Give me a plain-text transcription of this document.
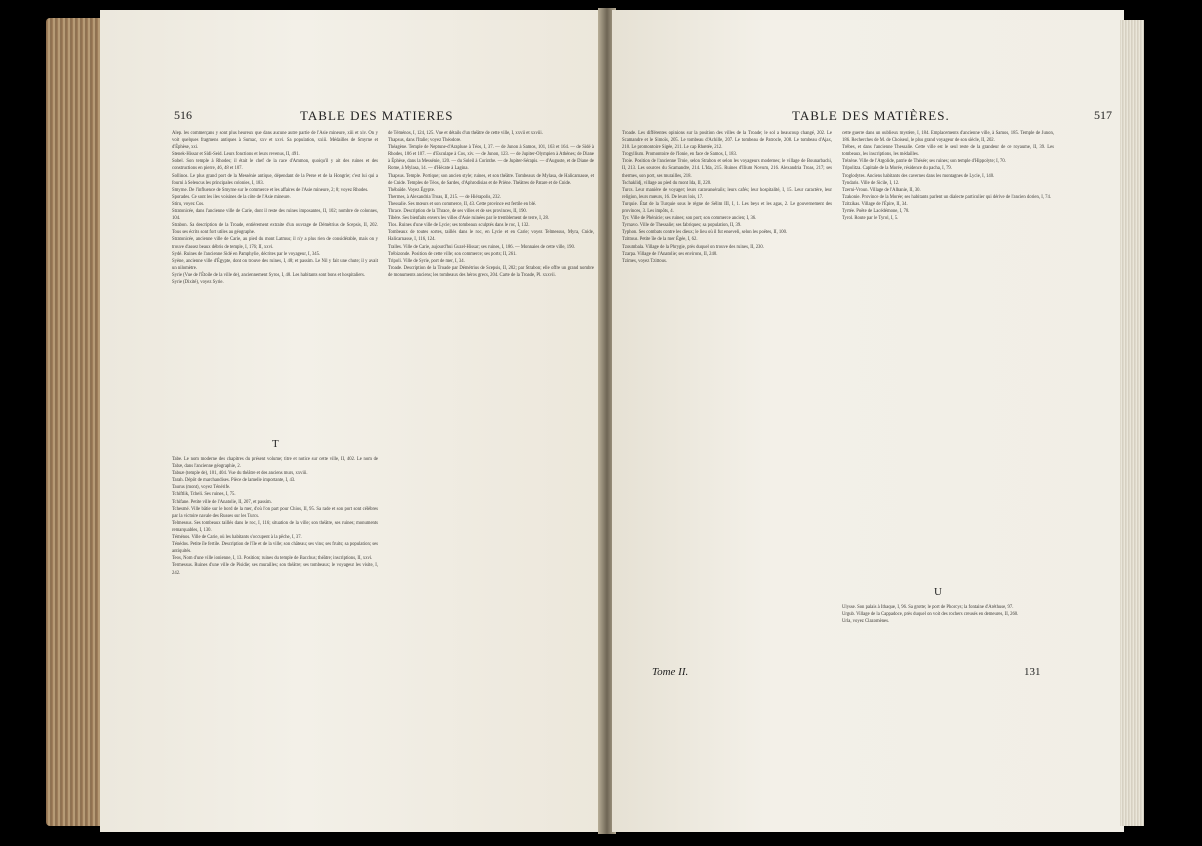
516	TABLE DES MATIERES

Alep. les commerçans y sont plus heureux que dans aucune autre partie de l'Asie mineure, xiii et xiv. On y voit quelques fragmens antiques à Sumac, xxv et xxvi. Sa population, xxiii. Médailles de Smyrne et d'Éphèse, xxi.

Stenek-Hissar et Sidi-Seid. Leurs fonctions et leurs revenus, II, 491.

Sobel. Son temple à Rhodes; il était le chef de la race d'Ammon, quoiqu'il y ait des ruines et des constructions en pierre, 46, 48 et 107.

Sollinos. Le plus grand port de la Messénie antique, dépendant de la Perse et de la Hongrie; c'est lui qui a fourni à Seleucus les principales colonies, I, 183.

Smyrne. De l'influence de Smyrne sur le commerce et les affaires de l'Asie mineure, 2; 8; voyez Rhodes.

Sporades. Ce sont les iles voisines de la côte de l'Asie mineure.

Stiru, voyez Cos.

Stratonicée, dans l'ancienne ville de Carie, dont il reste des ruines imposantes, II, 102; nombre de colonnes, 104.

Strabon. Sa description de la Troade, entièrement extraite d'un ouvrage de Démétrius de Scepsis, II, 202. Tous ses écrits sont fort utiles au géographe.

Stratonicée, ancienne ville de Carie, au pied du mont Latmus; il n'y a plus rien de considérable, mais on y trouve d'assez beaux débris de temple, I, 176; II, xxvi.

Sydé. Ruines de l'ancienne Sidé en Pamphylie, décrites par le voyageur, I, 345.

Syène, ancienne ville d'Égypte, dont on trouve des ruines, I, 48; et passim. Le Nil y fait une chute; il y avait un nilomètre.

Syrie (Vue de l'Étoile de la ville de), anciennement Syros, I, 48. Les habitants sont bons et hospitaliers.

Syrie (Dixité), voyez Syrie.

T

Tabe. Le nom moderne des chapitres du présent volume; titre et notice sur cette ville, II, 402. Le nom de Tabæ, dans l'ancienne géographie, 2.

Tabuæ (temple de), 101, 404. Vue du théâtre et des anciens murs, xxviii.

Tarah. Dépôt de marchandises. Pièce de lamelle importante, I, 43.

Taurus (mont), voyez Ténérife.

Tchiftlik, Tcheli. Ses ruines, I, 75.

Tchifane. Petite ville de l'Anatolie, II, 207, et passim.

Tchesmé. Ville bâtie sur le bord de la mer, d'où l'on part pour Chios, II, 95. Sa rade et son port sont célèbres par la victoire navale des Russes sur les Turcs.

Telmessus. Ses tombeaux taillés dans le roc, I, 116; situation de la ville; son théâtre, ses ruines; monuments remarquables, I, 130.

Téménos. Ville de Carie, où les habitants s'occupent à la pêche, I, 37.

Ténédos. Petite île fertile. Description de l'île et de la ville; son château; ses vins; ses fruits; sa population; ses antiquités.

Teos, Nom d'une ville ionienne, I, 13. Position; ruines du temple de Bacchus; théâtre; inscriptions, II, xxvi.

Termessus. Ruines d'une ville de Pisidie; ses murailles; son théâtre; ses tombeaux; le voyageur les visite, I, 242.

de Téménos, I, 124, 125. Vue et détails d'un théâtre de cette ville, I, xxvii et xxviii.

Thapsus, dans l'Italie; voyez Théodore.

Théagène. Temple de Neptune-d'Arapluse à Téos, I, 37. — de Junon à Samos, 101, 163 et 164. — de Sidé à Rhodes, 106 et 107. — d'Esculape à Cos, xiv. — de Junon, 123. — de Jupiter-Olympien à Athènes; de Diane à Éphèse, dans la Messénie, 120. — du Soleil à Corinthe. — de Jupiter-Sérapis. — d'Auguste, et de Diane de Rome, à Mylasa, 14. — d'Hécate à Lagina.

Thapsus. Temple. Portique; son ancien style; ruines, et son théâtre. Tombeaux de Mylasa, de Halicarnasse, et de Cnide. Temples de Téos, de Sardes, d'Aphrodisias et de Priène. Théâtres de Patare et de Cnide.

Thébaïde. Voyez Égypte.

Thermes, à Alexandria Troas, II, 215. — de Hiérapolis, 232.

Thessalie. Ses mœurs et son commerce, II, 43. Cette province est fertile en blé.

Thrace. Description de la Thrace, de ses villes et de ses provinces, II, 190.

Tibère. Ses bienfaits envers les villes d'Asie ruinées par le tremblement de terre, I, 28.

Tlos. Ruines d'une ville de Lycie; ses tombeaux sculptés dans le roc, I, 132.

Tombeaux de toutes sortes, taillés dans le roc, en Lycie et en Carie; voyez Telmessus, Myra, Cnide, Halicarnasse, I, 116, 124.

Tralles. Ville de Carie, aujourd'hui Guzel-Hissar; ses ruines, I, 186. — Monnaies de cette ville, 190.

Trébizonde. Position de cette ville; son commerce; ses ports; II, 261.

Tripoli. Ville de Syrie, port de mer, I, 34.

Troade. Description de la Troade par Démétrius de Scepsis, II, 202; par Strabon; elle offre un grand nombre de monuments anciens; les tombeaux des héros grecs, 204. Carte de la Troade, Pl. xxxvii.

TABLE DES MATIÈRES.	517

Troade. Les différentes opinions sur la position des villes de la Troade; le sol a beaucoup changé, 202. Le Scamandre et le Simoïs, 205. Le tombeau d'Achille, 207. Le tombeau de Patrocle, 208. Le tombeau d'Ajax, 210. Le promontoire Sigée, 211. Le cap Rhœtée, 212.

Trogyllium. Promontoire de l'Ionie, en face de Samos, I, 183.

Troie. Position de l'ancienne Troie, selon Strabon et selon les voyageurs modernes; le village de Bounarbachi, II, 213. Les sources du Scamandre, 214. L'Ida, 215. Ruines d'Ilium Novum, 216. Alexandria Troas, 217; ses thermes, son port, ses murailles, 218.

Tschaklidj, village au pied du mont Ida, II, 220.

Turcs. Leur manière de voyager; leurs caravansérails; leurs cafés; leur hospitalité, I, 15. Leur caractère, leur religion, leurs mœurs, 16. De leurs lois, 17.

Turquie. État de la Turquie sous le règne de Sélim III, I, 1. Les beys et les agas, 2. Le gouvernement des provinces, 3. Les impôts, 4.

Tyr. Ville de Phénicie; ses ruines; son port; son commerce ancien; I, 36.

Tyrnavo. Ville de Thessalie; ses fabriques; sa population, II, 39.

Typhon. Ses combats contre les dieux; le lieu où il fut enseveli, selon les poëtes, II, 100.

Tzittous. Petite île de la mer Égée, I, 62.

Tzoumbala. Village de la Phrygie, près duquel on trouve des ruines, II, 230.

Tzarpa. Village de l'Anatolie; ses environs, II, 240.

Tzimes, voyez Tzittous.

cette guerre dans un oublieux mystère, I, 184. Emplacements d'ancienne ville, à Samos, 185. Temple de Junon, 186. Recherches de M. de Choiseul, le plus grand voyageur de son siècle, II, 202.

Trèbes, et dans l'ancienne Thessalie. Cette ville est le seul reste de la grandeur de ce royaume, II, 39. Les tombeaux, les inscriptions, les médailles.

Trézène. Ville de l'Argolide, patrie de Thésée; ses ruines; son temple d'Hippolyte; I, 70.

Tripolitza. Capitale de la Morée, résidence du pacha, I, 79.

Troglodytes. Anciens habitants des cavernes dans les montagnes de Lycie, I, 140.

Tyndaris. Ville de Sicile, I, 12.

Tzerni-Vroun. Village de l'Albanie, II, 30.

Tzakonie. Province de la Morée; ses habitants parlent un dialecte particulier qui dérive de l'ancien dorien, I, 74.

Tzitzikas. Village de l'Épire, II, 34.

Tyrtée. Poëte de Lacédémone, I, 78.

Tyrol. Route par le Tyrol, I, 5.

U

Ulysse. Son palais à Ithaque, I, 96. Sa grotte; le port de Phorcys; la fontaine d'Aréthuse, 97.

Urgub. Village de la Cappadoce, près duquel on voit des rochers creusés en demeures, II, 260.

Urla, voyez Clazomènes.

Tome II.	131
